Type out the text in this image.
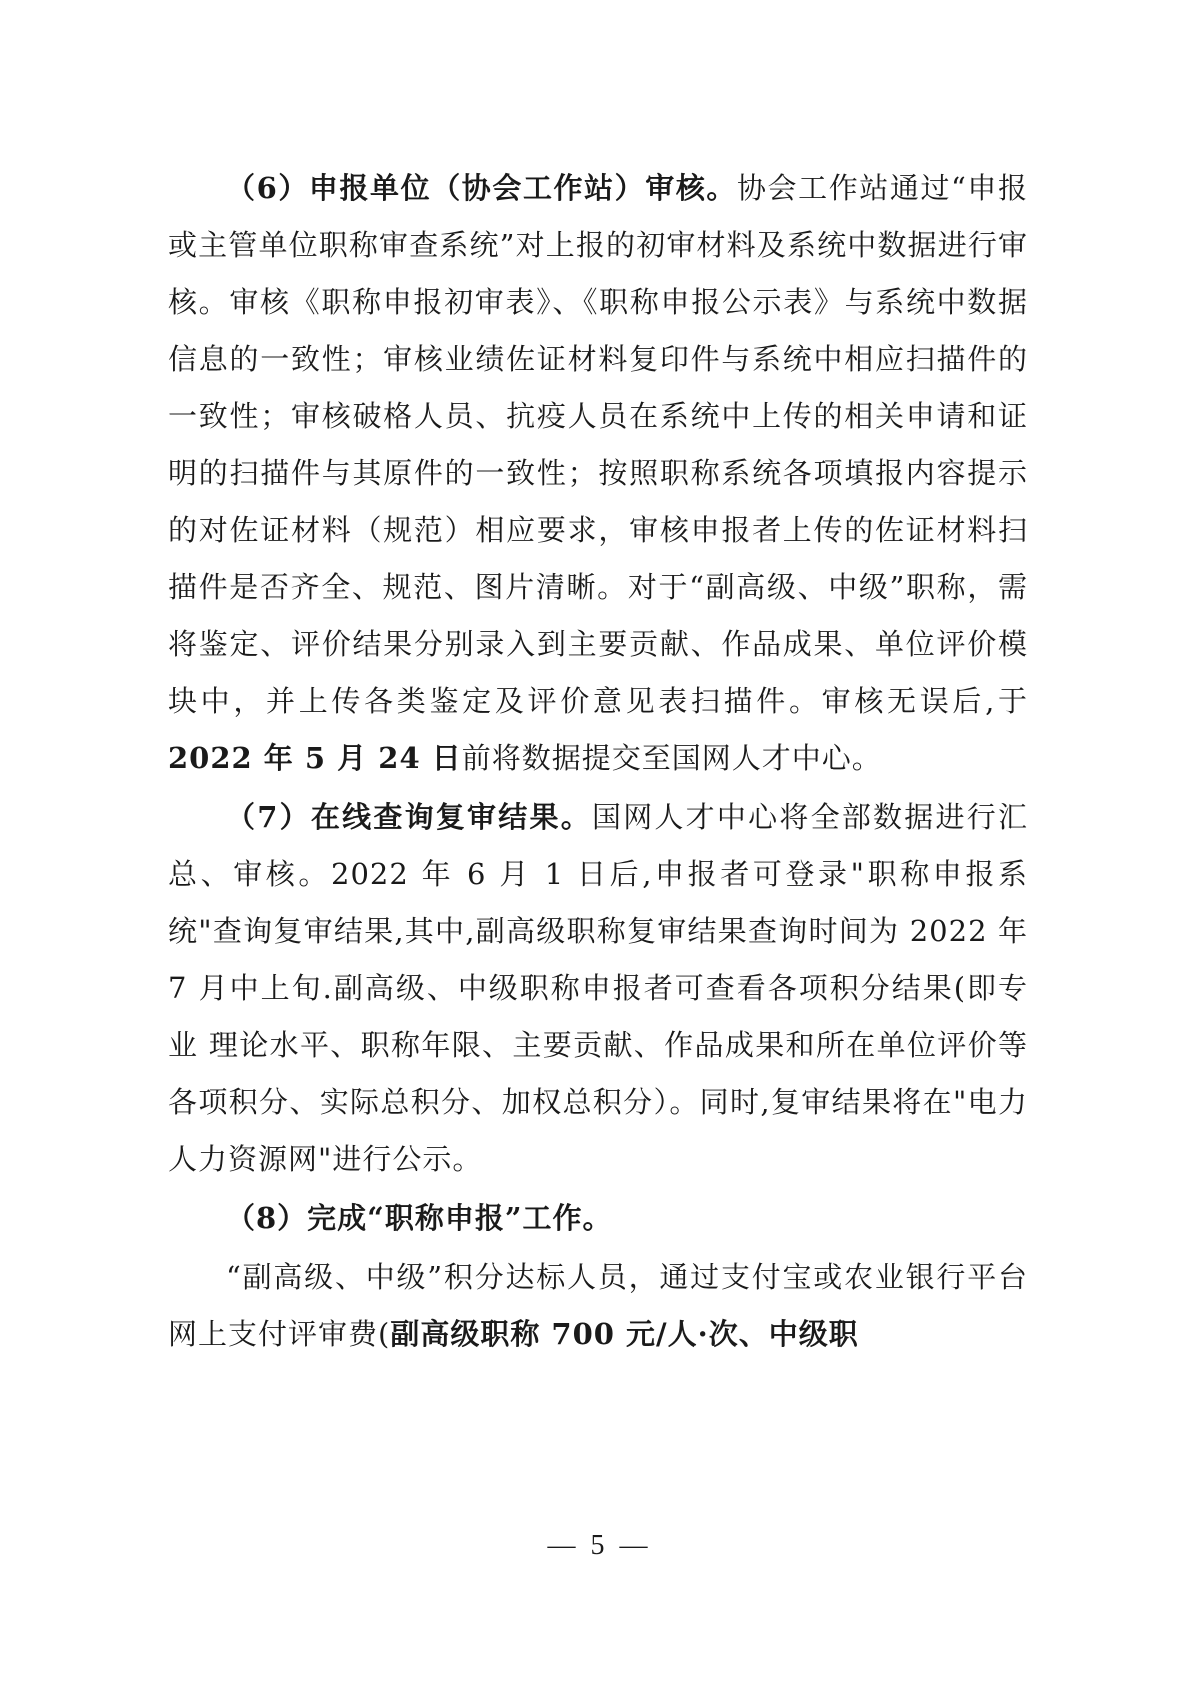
（6）申报单位（协会工作站）审核。协会工作站通过“申报或主管单位职称审查系统”对上报的初审材料及系统中数据进行审核。审核《职称申报初审表》、《职称申报公示表》与系统中数据信息的一致性；审核业绩佐证材料复印件与系统中相应扫描件的一致性；审核破格人员、抗疫人员在系统中上传的相关申请和证明的扫描件与其原件的一致性；按照职称系统各项填报内容提示的对佐证材料（规范）相应要求，审核申报者上传的佐证材料扫描件是否齐全、规范、图片清晰。对于“副高级、中级”职称，需将鉴定、评价结果分别录入到主要贡献、作品成果、单位评价模块中，并上传各类鉴定及评价意见表扫描件。审核无误后,于2022 年 5 月 24 日前将数据提交至国网人才中心。

（7）在线查询复审结果。国网人才中心将全部数据进行汇总、审核。2022 年 6 月 1 日后,申报者可登录"职称申报系统"查询复审结果,其中,副高级职称复审结果查询时间为 2022 年 7 月中上旬.副高级、中级职称申报者可查看各项积分结果(即专业 理论水平、职称年限、主要贡献、作品成果和所在单位评价等各项积分、实际总积分、加权总积分）。同时,复审结果将在"电力人力资源网"进行公示。

（8）完成“职称申报”工作。

“副高级、中级”积分达标人员，通过支付宝或农业银行平台网上支付评审费(副高级职称 700 元/人·次、中级职

— 5 —
